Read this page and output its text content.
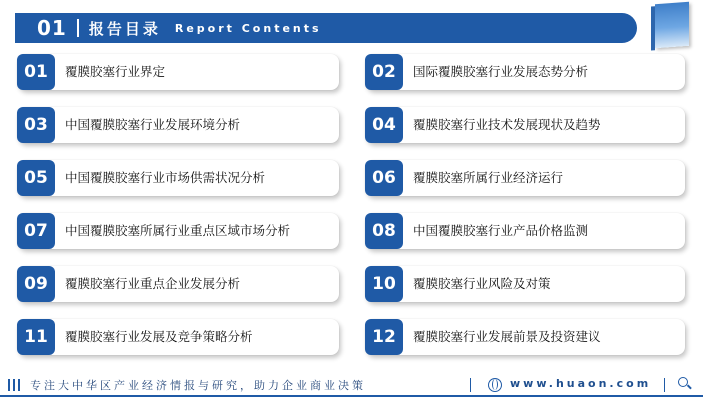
01 报告目录 Report Contents
01	覆膜胶塞行业界定
03	中国覆膜胶塞行业发展环境分析
05	中国覆膜胶塞行业市场供需状况分析
07	中国覆膜胶塞所属行业重点区域市场分析
09	覆膜胶塞行业重点企业发展分析
11	覆膜胶塞行业发展及竞争策略分析
02	国际覆膜胶塞行业发展态势分析
04	覆膜胶塞行业技术发展现状及趋势
06	覆膜胶塞所属行业经济运行
08	中国覆膜胶塞行业产品价格监测
10	覆膜胶塞行业风险及对策
12	覆膜胶塞行业发展前景及投资建议
专注大中华区产业经济情报与研究，助力企业商业决策	www.huaon.com
